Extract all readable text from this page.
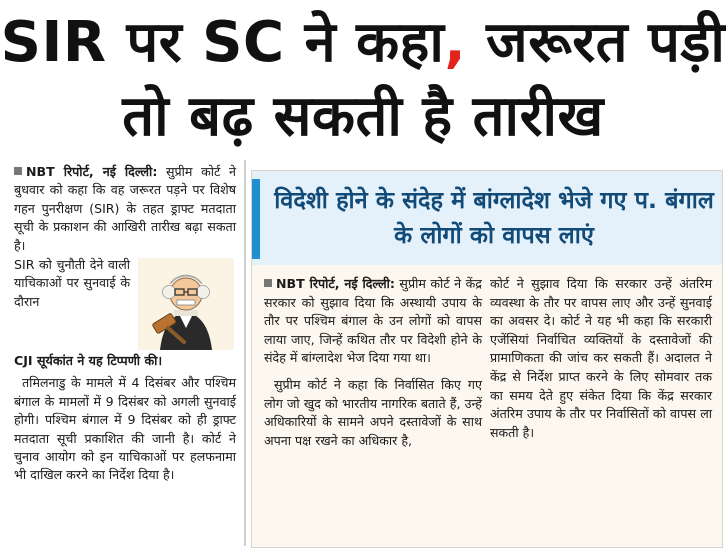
SIR पर SC ने कहा, जरूरत पड़ी तो बढ़ सकती है तारीख

NBT रिपोर्ट, नई दिल्ली: सुप्रीम कोर्ट ने बुधवार को कहा कि वह जरूरत पड़ने पर विशेष गहन पुनरीक्षण (SIR) के तहत ड्राफ्ट मतदाता सूची के प्रकाशन की आखिरी तारीख बढ़ा सकता है।

SIR को चुनौती देने वाली याचिकाओं पर सुनवाई के दौरान

CJI सूर्यकांत ने यह टिप्पणी की।

तमिलनाडु के मामले में 4 दिसंबर और पश्चिम बंगाल के मामलों में 9 दिसंबर को अगली सुनवाई होगी। पश्चिम बंगाल में 9 दिसंबर को ही ड्राफ्ट मतदाता सूची प्रकाशित की जानी है। कोर्ट ने चुनाव आयोग को इन याचिकाओं पर हलफनामा भी दाखिल करने का निर्देश दिया है।

विदेशी होने के संदेह में बांग्लादेश भेजे गए प. बंगाल के लोगों को वापस लाएं

NBT रिपोर्ट, नई दिल्ली: सुप्रीम कोर्ट ने केंद्र सरकार को सुझाव दिया कि अस्थायी उपाय के तौर पर पश्चिम बंगाल के उन लोगों को वापस लाया जाए, जिन्हें कथित तौर पर विदेशी होने के संदेह में बांग्लादेश भेज दिया गया था।

सुप्रीम कोर्ट ने कहा कि निर्वासित किए गए लोग जो खुद को भारतीय नागरिक बताते हैं, उन्हें अधिकारियों के सामने अपने दस्तावेजों के साथ अपना पक्ष रखने का अधिकार है,

कोर्ट ने सुझाव दिया कि सरकार उन्हें अंतरिम व्यवस्था के तौर पर वापस लाए और उन्हें सुनवाई का अवसर दे। कोर्ट ने यह भी कहा कि सरकारी एजेंसियां निर्वाचित व्यक्तियों के दस्तावेजों की प्रामाणिकता की जांच कर सकती हैं। अदालत ने केंद्र से निर्देश प्राप्त करने के लिए सोमवार तक का समय देते हुए संकेत दिया कि केंद्र सरकार अंतरिम उपाय के तौर पर निर्वासितों को वापस ला सकती है।
